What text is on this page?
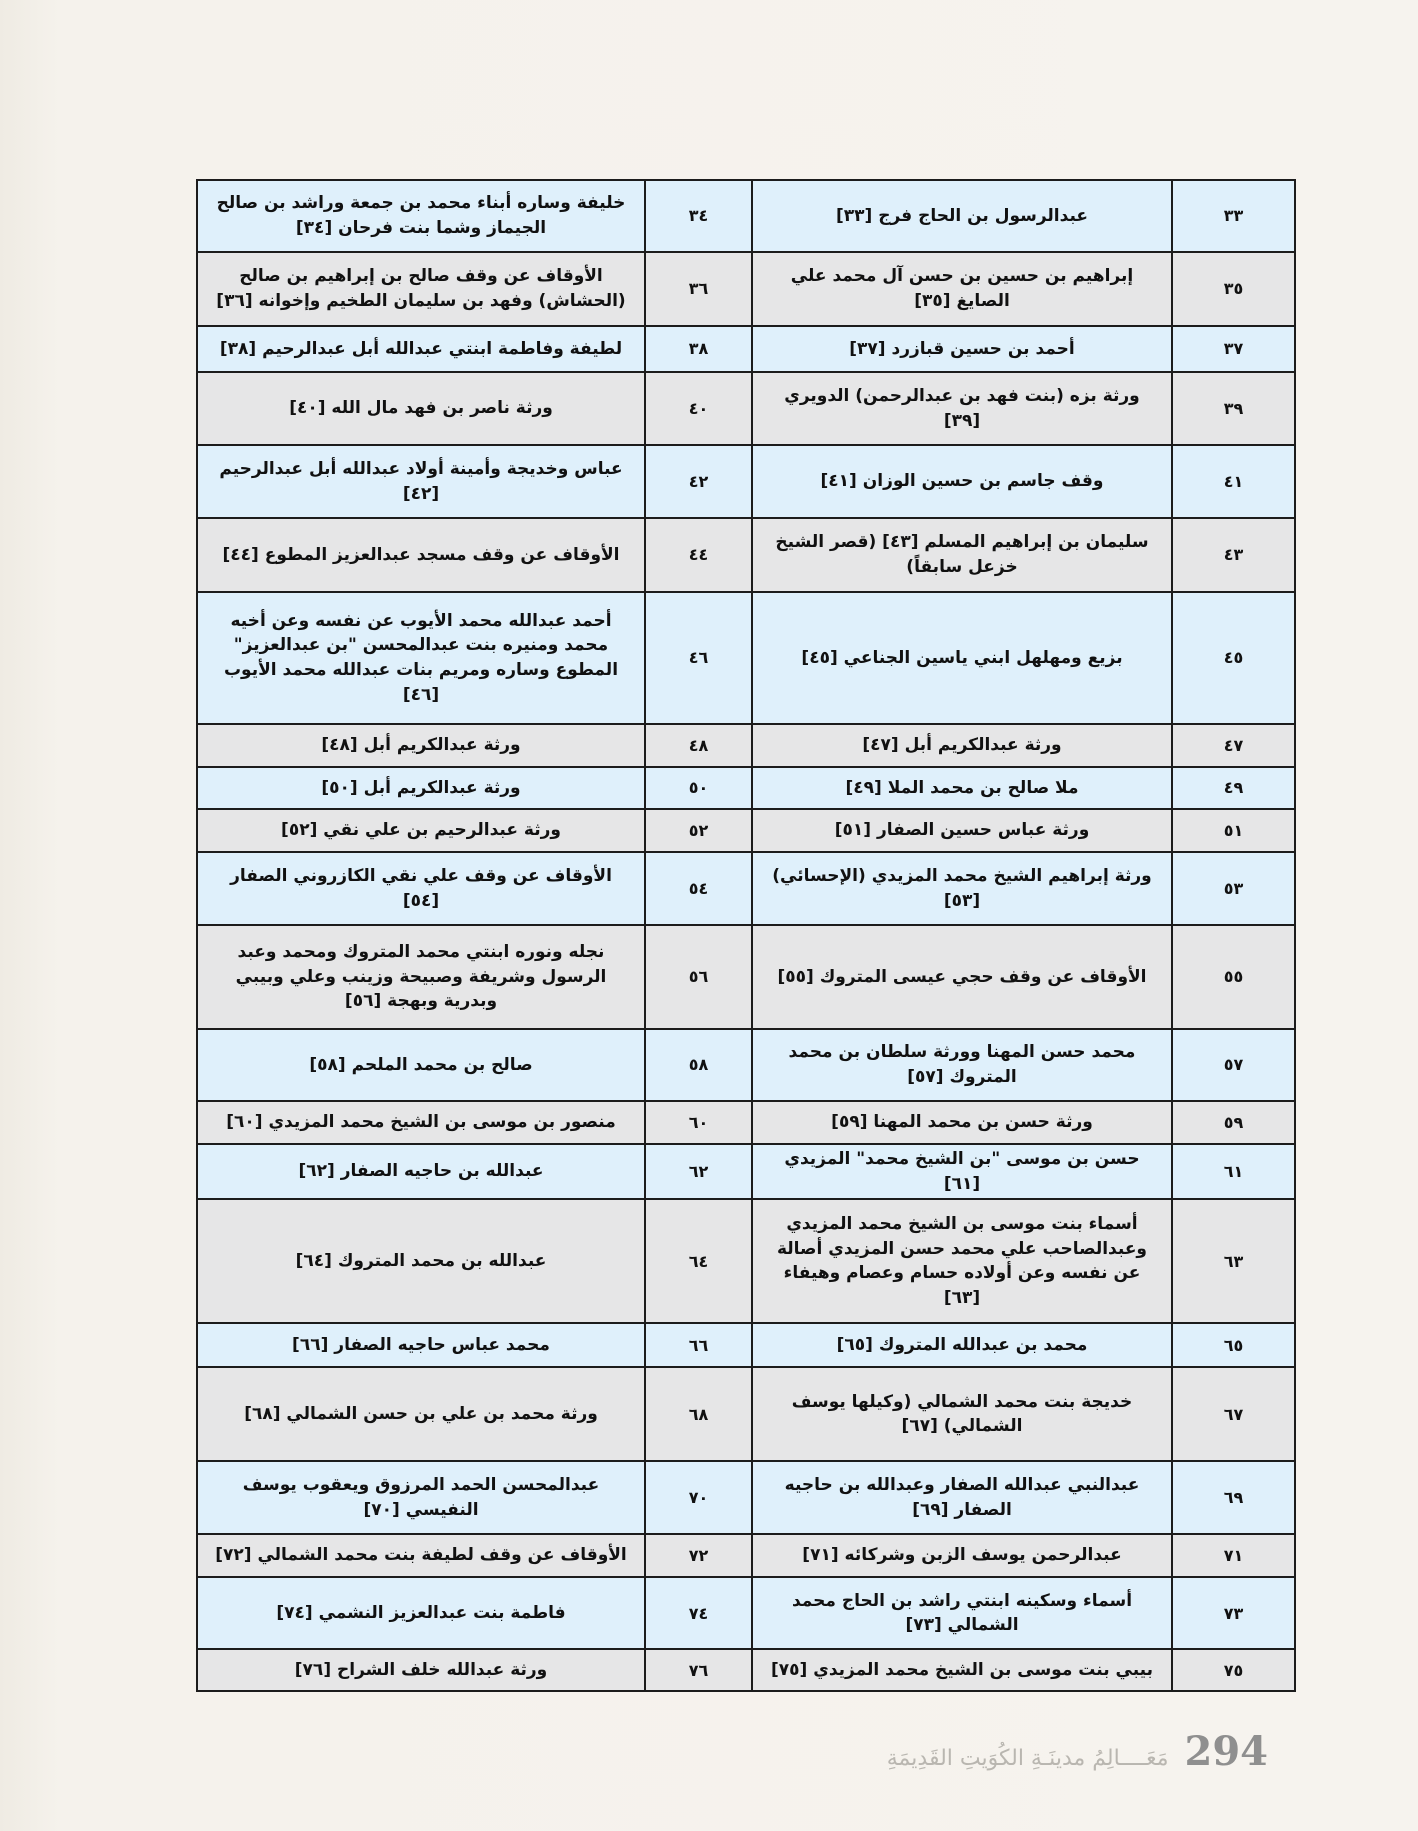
٣٣	عبدالرسول بن الحاج فرج [٣٣]	٣٤	خليفة وساره أبناء محمد بن جمعة وراشد بن صالح الجيماز وشما بنت فرحان [٣٤]
٣٥	إبراهيم بن حسين بن حسن آل محمد علي الصايغ [٣٥]	٣٦	الأوقاف عن وقف صالح بن إبراهيم بن صالح (الحشاش) وفهد بن سليمان الطخيم وإخوانه [٣٦]
٣٧	أحمد بن حسين قبازرد [٣٧]	٣٨	لطيفة وفاطمة ابنتي عبدالله أبل عبدالرحيم [٣٨]
٣٩	ورثة بزه (بنت فهد بن عبدالرحمن) الدويري [٣٩]	٤٠	ورثة ناصر بن فهد مال الله [٤٠]
٤١	وقف جاسم بن حسين الوزان [٤١]	٤٢	عباس وخديجة وأمينة أولاد عبدالله أبل عبدالرحيم [٤٢]
٤٣	سليمان بن إبراهيم المسلم [٤٣] (قصر الشيخ خزعل سابقاً)	٤٤	الأوقاف عن وقف مسجد عبدالعزيز المطوع [٤٤]
٤٥	بزيع ومهلهل ابني ياسين الجناعي [٤٥]	٤٦	أحمد عبدالله محمد الأيوب عن نفسه وعن أخيه محمد ومنيره بنت عبدالمحسن "بن عبدالعزيز" المطوع وساره ومريم بنات عبدالله محمد الأيوب [٤٦]
٤٧	ورثة عبدالكريم أبل [٤٧]	٤٨	ورثة عبدالكريم أبل [٤٨]
٤٩	ملا صالح بن محمد الملا [٤٩]	٥٠	ورثة عبدالكريم أبل [٥٠]
٥١	ورثة عباس حسين الصفار [٥١]	٥٢	ورثة عبدالرحيم بن علي نقي [٥٢]
٥٣	ورثة إبراهيم الشيخ محمد المزيدي (الإحسائي) [٥٣]	٥٤	الأوقاف عن وقف علي نقي الكازروني الصفار [٥٤]
٥٥	الأوقاف عن وقف حجي عيسى المتروك [٥٥]	٥٦	نجله ونوره ابنتي محمد المتروك ومحمد وعبد الرسول وشريفة وصبيحة وزينب وعلي وبيبي وبدرية وبهجة [٥٦]
٥٧	محمد حسن المهنا وورثة سلطان بن محمد المتروك [٥٧]	٥٨	صالح بن محمد الملحم [٥٨]
٥٩	ورثة حسن بن محمد المهنا [٥٩]	٦٠	منصور بن موسى بن الشيخ محمد المزيدي [٦٠]
٦١	حسن بن موسى "بن الشيخ محمد" المزيدي [٦١]	٦٢	عبدالله بن حاجيه الصفار [٦٢]
٦٣	أسماء بنت موسى بن الشيخ محمد المزيدي وعبدالصاحب علي محمد حسن المزيدي أصالة عن نفسه وعن أولاده حسام وعصام وهيفاء [٦٣]	٦٤	عبدالله بن محمد المتروك [٦٤]
٦٥	محمد بن عبدالله المتروك [٦٥]	٦٦	محمد عباس حاجيه الصفار [٦٦]
٦٧	خديجة بنت محمد الشمالي (وكيلها يوسف الشمالي) [٦٧]	٦٨	ورثة محمد بن علي بن حسن الشمالي [٦٨]
٦٩	عبدالنبي عبدالله الصفار وعبدالله بن حاجيه الصفار [٦٩]	٧٠	عبدالمحسن الحمد المرزوق ويعقوب يوسف النفيسي [٧٠]
٧١	عبدالرحمن يوسف الزبن وشركائه [٧١]	٧٢	الأوقاف عن وقف لطيفة بنت محمد الشمالي [٧٢]
٧٣	أسماء وسكينه ابنتي راشد بن الحاج محمد الشمالي [٧٣]	٧٤	فاطمة بنت عبدالعزيز النشمي [٧٤]
٧٥	بيبي بنت موسى بن الشيخ محمد المزيدي [٧٥]	٧٦	ورثة عبدالله خلف الشراح [٧٦]
مَعَــــالِمُ مدينَـةِ الكُوَيتِ القَدِيمَةِ 294
